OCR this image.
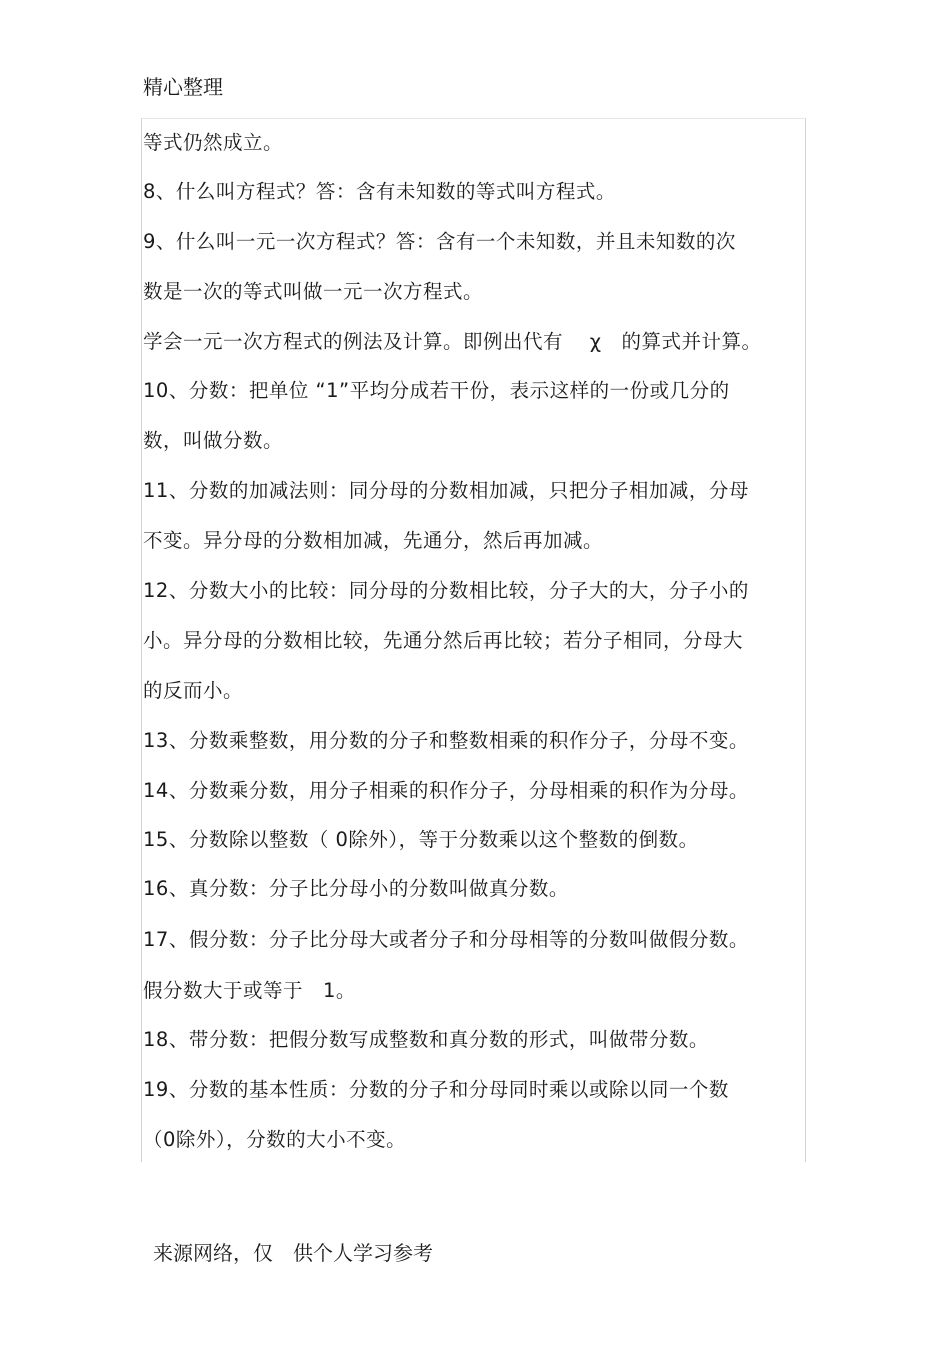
精心整理
等式仍然成立。
8、什么叫方程式？答：含有未知数的等式叫方程式。
9、什么叫一元一次方程式？答：含有一个未知数，并且未知数的次
数是一次的等式叫做一元一次方程式。
学会一元一次方程式的例法及计算。即例出代有　 χ　的算式并计算。
10、分数：把单位 “1”平均分成若干份，表示这样的一份或几分的
数，叫做分数。
11、分数的加减法则：同分母的分数相加减，只把分子相加减，分母
不变。异分母的分数相加减，先通分，然后再加减。
12、分数大小的比较：同分母的分数相比较，分子大的大，分子小的
小。异分母的分数相比较，先通分然后再比较；若分子相同，分母大
的反而小。
13、分数乘整数，用分数的分子和整数相乘的积作分子，分母不变。
14、分数乘分数，用分子相乘的积作分子，分母相乘的积作为分母。
15、分数除以整数（ 0除外），等于分数乘以这个整数的倒数。
16、真分数：分子比分母小的分数叫做真分数。
17、假分数：分子比分母大或者分子和分母相等的分数叫做假分数。
假分数大于或等于　1。
18、带分数：把假分数写成整数和真分数的形式，叫做带分数。
19、分数的基本性质：分数的分子和分母同时乘以或除以同一个数
（0除外），分数的大小不变。
来源网络，仅　供个人学习参考
